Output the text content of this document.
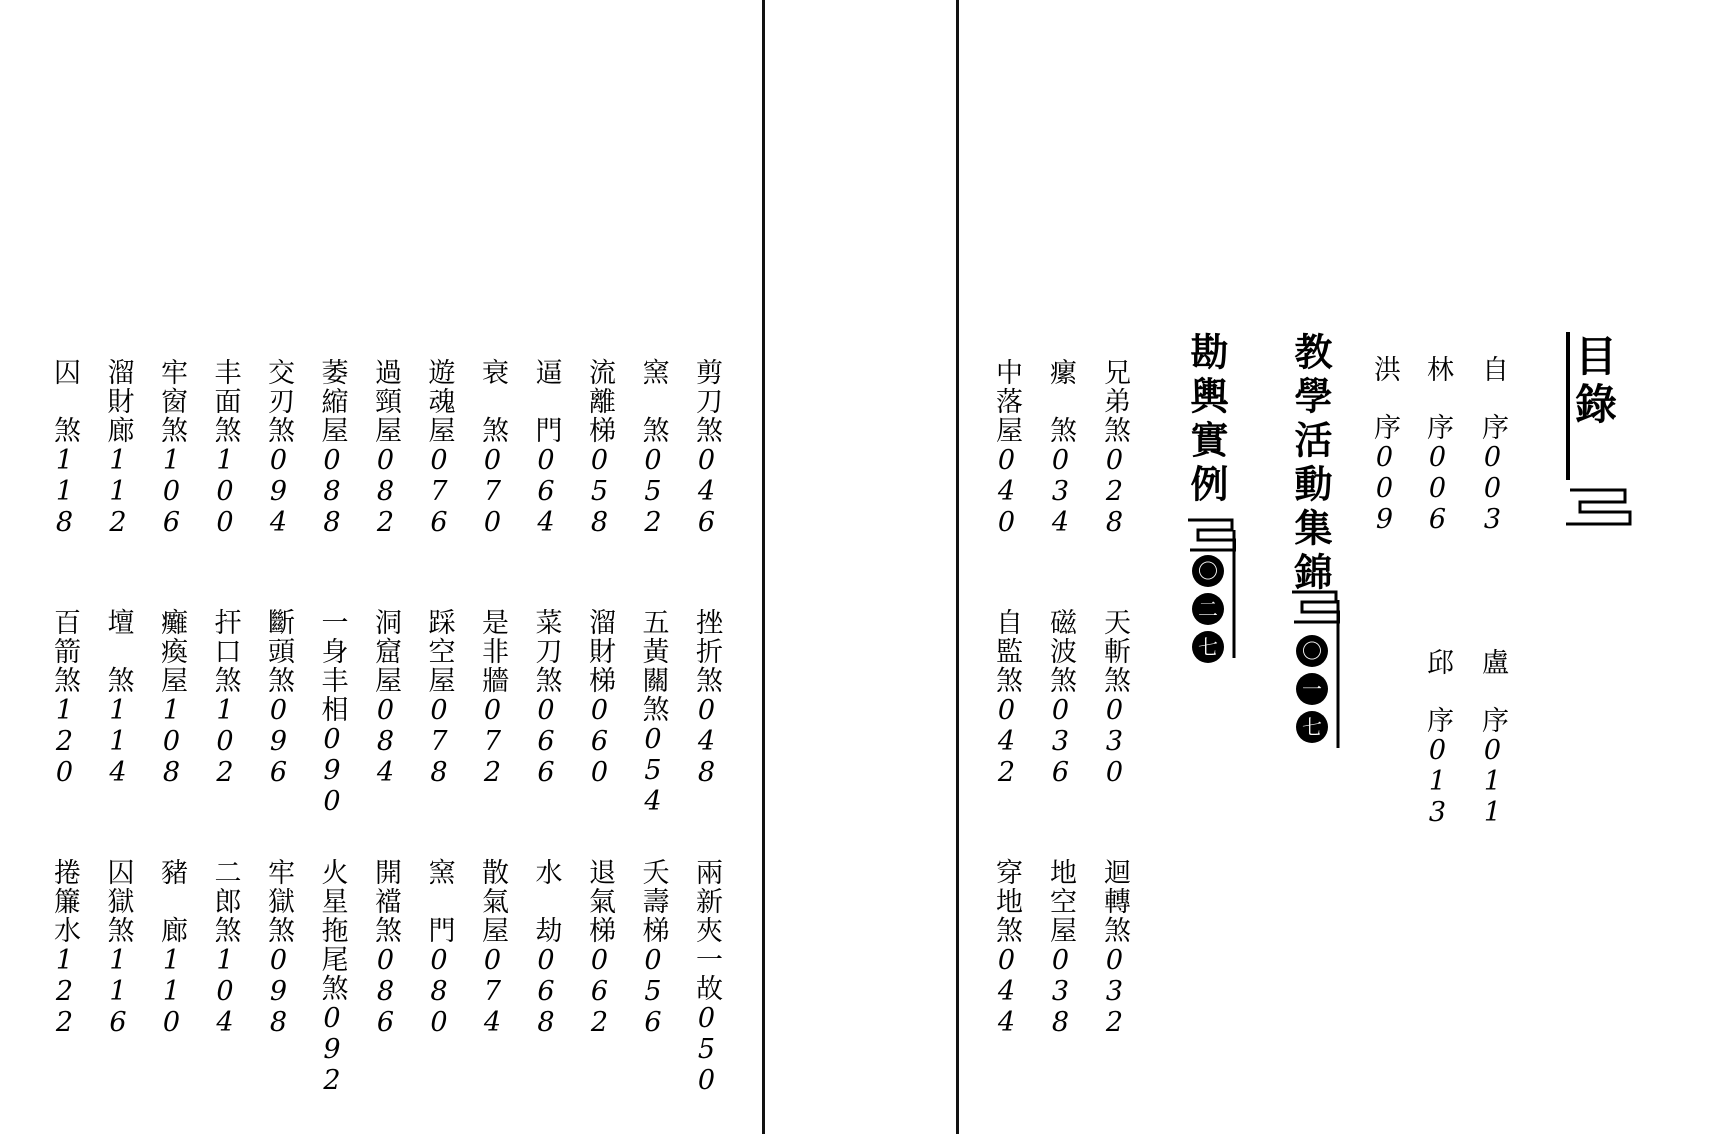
目錄
自　序003
林　序006
洪　序009
盧　序011
邱　序013
教學活動集錦
〇 一 七
勘輿實例
〇 二 七
兄弟煞028
瘰　煞034
中落屋040
天斬煞030
磁波煞036
自監煞042
迴轉煞032
地空屋038
穿地煞044
剪刀煞046
窯　煞052
流離梯058
逼　門064
衰　煞070
遊魂屋076
過頸屋082
萎縮屋088
交刃煞094
丰面煞100
牢窗煞106
溜財廊112
囚　煞118
挫折煞048
五黃關煞054
溜財梯060
菜刀煞066
是非牆072
踩空屋078
洞窟屋084
一身丰相090
斷頭煞096
扞口煞102
癱瘓屋108
壇　煞114
百箭煞120
兩新夾一故050
夭壽梯056
退氣梯062
水　劫068
散氣屋074
窯　門080
開襠煞086
火星拖尾煞092
牢獄煞098
二郎煞104
豬　廊110
囚獄煞116
捲簾水122
